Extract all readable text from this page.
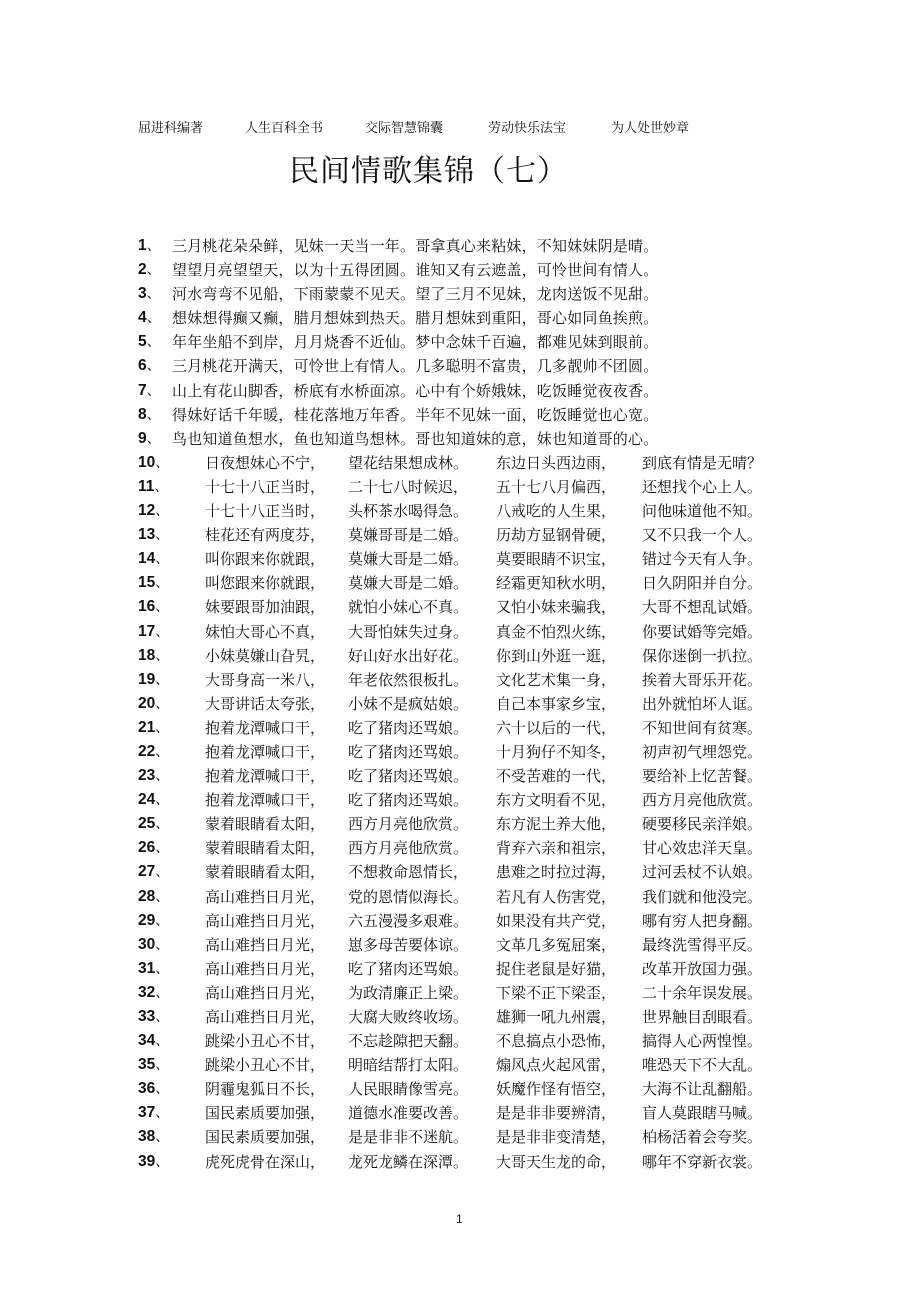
屈进科编著	人生百科全书	交际智慧锦囊	劳动快乐法宝	为人处世妙章
民间情歌集锦（七）
1、 三月桃花朵朵鲜，见妹一天当一年。哥拿真心来粘妹，不知妹妹阴是晴。
2、 望望月亮望望天，以为十五得团圆。谁知又有云遮盖，可怜世间有情人。
3、 河水弯弯不见船，下雨蒙蒙不见天。望了三月不见妹，龙肉送饭不见甜。
4、 想妹想得癫又癫，腊月想妹到热天。腊月想妹到重阳，哥心如同鱼挨煎。
5、 年年坐船不到岸，月月烧香不近仙。梦中念妹千百遍，都难见妹到眼前。
6、 三月桃花开满天，可怜世上有情人。几多聪明不富贵，几多靓帅不团圆。
7、 山上有花山脚香，桥底有水桥面凉。心中有个娇娥妹，吃饭睡觉夜夜香。
8、 得妹好话千年暖，桂花落地万年香。半年不见妹一面，吃饭睡觉也心宽。
9、 鸟也知道鱼想水，鱼也知道鸟想林。哥也知道妹的意，妹也知道哥的心。
10、 日夜想妹心不宁， 望花结果想成林。 东边日头西边雨， 到底有情是无晴？
11、 十七十八正当时， 二十七八时候迟， 五十七八月偏西， 还想找个心上人。
12、 十七十八正当时， 头杯茶水喝得急。 八戒吃的人生果， 问他味道他不知。
13、 桂花还有两度芬， 莫嫌哥哥是二婚。 历劫方显钢骨硬， 又不只我一个人。
14、 叫你跟来你就跟， 莫嫌大哥是二婚。 莫要眼睛不识宝， 错过今天有人争。
15、 叫您跟来你就跟， 莫嫌大哥是二婚。 经霜更知秋水明， 日久阴阳并自分。
16、 妹要跟哥加油跟， 就怕小妹心不真。 又怕小妹来骗我， 大哥不想乱试婚。
17、 妹怕大哥心不真， 大哥怕妹失过身。 真金不怕烈火练， 你要试婚等完婚。
18、 小妹莫嫌山旮旯， 好山好水出好花。 你到山外逛一逛， 保你迷倒一扒拉。
19、 大哥身高一米八， 年老依然很板扎。 文化艺术集一身， 挨着大哥乐开花。
20、 大哥讲话太夸张， 小妹不是疯姑娘。 自己本事家乡宝， 出外就怕坏人诓。
21、 抱着龙潭喊口干， 吃了猪肉还骂娘。 六十以后的一代， 不知世间有贫寒。
22、 抱着龙潭喊口干， 吃了猪肉还骂娘。 十月狗仔不知冬， 初声初气埋怨党。
23、 抱着龙潭喊口干， 吃了猪肉还骂娘。 不受苦难的一代， 要给补上忆苦餐。
24、 抱着龙潭喊口干， 吃了猪肉还骂娘。 东方文明看不见， 西方月亮他欣赏。
25、 蒙着眼睛看太阳， 西方月亮他欣赏。 东方泥土养大他， 硬要移民亲洋娘。
26、 蒙着眼睛看太阳， 西方月亮他欣赏。 背弃六亲和祖宗， 甘心效忠洋天皇。
27、 蒙着眼睛看太阳， 不想救命恩情长， 患难之时拉过海， 过河丢杖不认娘。
28、 高山难挡日月光， 党的恩情似海长。 若凡有人伤害党， 我们就和他没完。
29、 高山难挡日月光， 六五漫漫多艰难。 如果没有共产党， 哪有穷人把身翻。
30、 高山难挡日月光， 崽多母苦要体谅。 文革几多冤屈案， 最终洗雪得平反。
31、 高山难挡日月光， 吃了猪肉还骂娘。 捉住老鼠是好猫， 改革开放国力强。
32、 高山难挡日月光， 为政清廉正上梁。 下梁不正下梁歪， 二十余年误发展。
33、 高山难挡日月光， 大腐大败终收场。 雄狮一吼九州震， 世界触目刮眼看。
34、 跳梁小丑心不甘， 不忘趁隙把天翻。 不息搞点小恐怖， 搞得人心两惶惶。
35、 跳梁小丑心不甘， 明暗结帮打太阳。 煽风点火起风雷， 唯恐天下不大乱。
36、 阴霾鬼狐日不长， 人民眼睛像雪亮。 妖魔作怪有悟空， 大海不让乱翻船。
37、 国民素质要加强， 道德水准要改善。 是是非非要辨清， 盲人莫跟瞎马喊。
38、 国民素质要加强， 是是非非不迷航。 是是非非变清楚， 柏杨活着会夸奖。
39、 虎死虎骨在深山， 龙死龙鳞在深潭。 大哥天生龙的命， 哪年不穿新衣裳。
1
